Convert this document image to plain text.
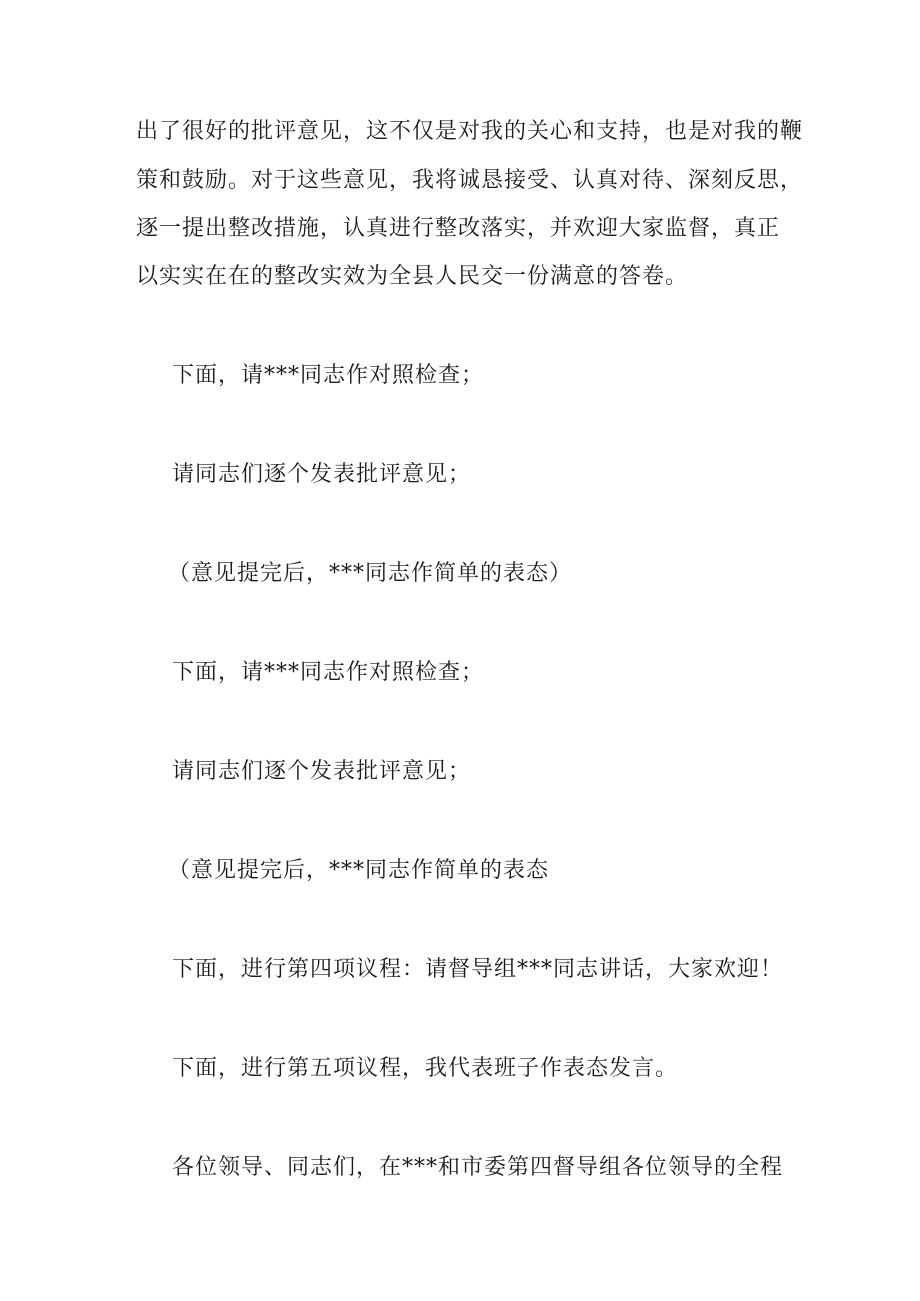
出了很好的批评意见，这不仅是对我的关心和支持，也是对我的鞭
策和鼓励。对于这些意见，我将诚恳接受、认真对待、深刻反思，
逐一提出整改措施，认真进行整改落实，并欢迎大家监督，真正
以实实在在的整改实效为全县人民交一份满意的答卷。
下面，请***同志作对照检查；
请同志们逐个发表批评意见；
（意见提完后，***同志作简单的表态）
下面，请***同志作对照检查；
请同志们逐个发表批评意见；
（意见提完后，***同志作简单的表态
下面，进行第四项议程：请督导组***同志讲话，大家欢迎！
下面，进行第五项议程，我代表班子作表态发言。
各位领导、同志们，在***和市委第四督导组各位领导的全程
